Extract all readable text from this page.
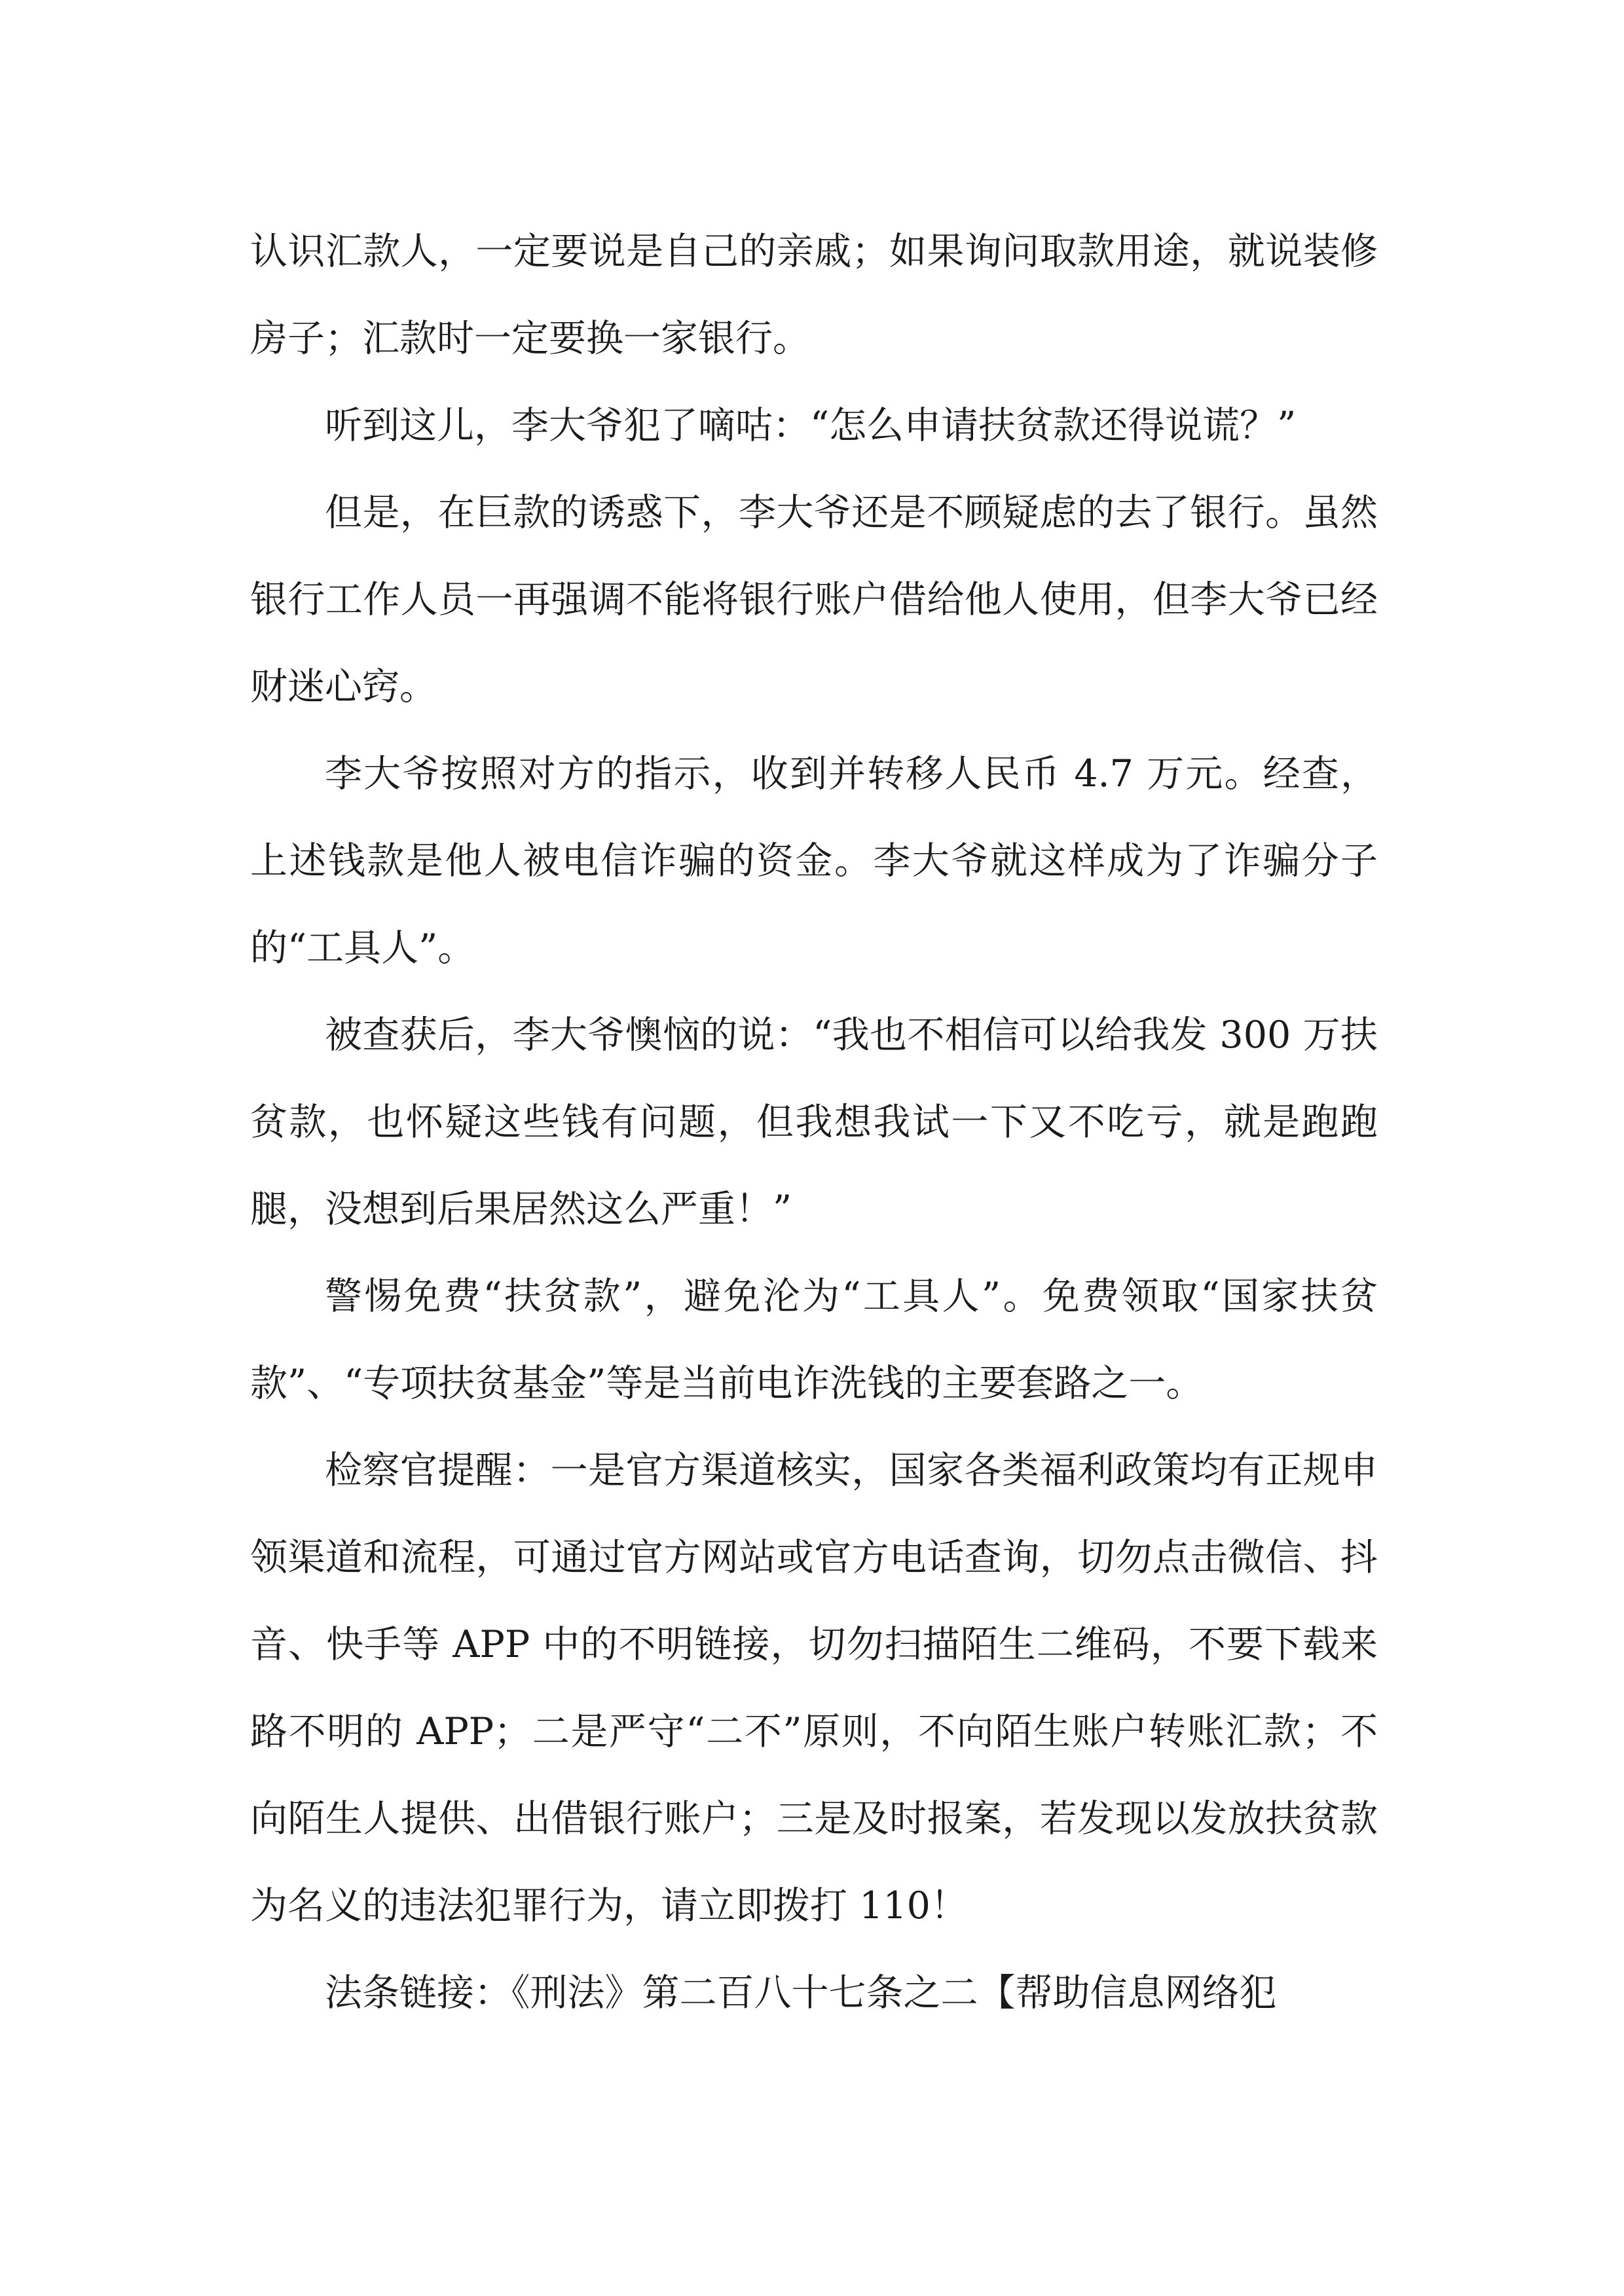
认识汇款人，一定要说是自己的亲戚；如果询问取款用途，就说装修房子；汇款时一定要换一家银行。

听到这儿，李大爷犯了嘀咕：“怎么申请扶贫款还得说谎？”

但是，在巨款的诱惑下，李大爷还是不顾疑虑的去了银行。虽然银行工作人员一再强调不能将银行账户借给他人使用，但李大爷已经财迷心窍。

李大爷按照对方的指示，收到并转移人民币 4.7 万元。经查，上述钱款是他人被电信诈骗的资金。李大爷就这样成为了诈骗分子的“工具人”。

被查获后，李大爷懊恼的说：“我也不相信可以给我发 300 万扶贫款，也怀疑这些钱有问题，但我想我试一下又不吃亏，就是跑跑腿，没想到后果居然这么严重！”

警惕免费“扶贫款”，避免沦为“工具人”。免费领取“国家扶贫款”、“专项扶贫基金”等是当前电诈洗钱的主要套路之一。

检察官提醒：一是官方渠道核实，国家各类福利政策均有正规申领渠道和流程，可通过官方网站或官方电话查询，切勿点击微信、抖音、快手等 APP 中的不明链接，切勿扫描陌生二维码，不要下载来路不明的 APP；二是严守“二不”原则，不向陌生账户转账汇款；不向陌生人提供、出借银行账户；三是及时报案，若发现以发放扶贫款为名义的违法犯罪行为，请立即拨打 110！

法条链接：《刑法》第二百八十七条之二【帮助信息网络犯
